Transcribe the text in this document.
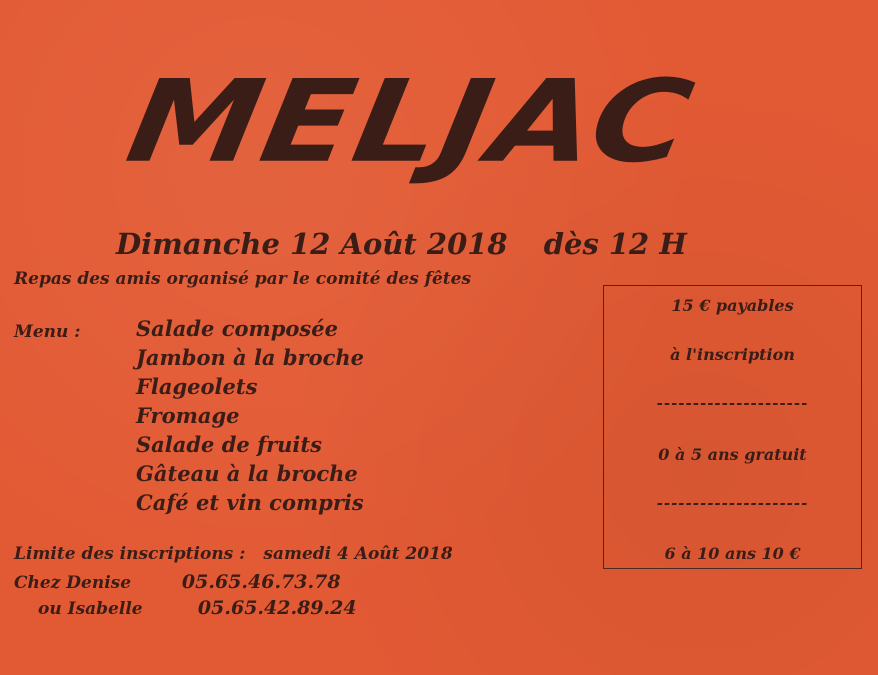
MELJAC
Dimanche 12 Août 2018 dès 12 H
Repas des amis organisé par le comité des fêtes
Menu :	Salade composée
Jambon à la broche
Flageolets
Fromage
Salade de fruits
Gâteau à la broche
Café et vin compris
Limite des inscriptions : samedi 4 Août 2018
Chez Denise	05.65.46.73.78
ou Isabelle	05.65.42.89.24
15 € payables
à l'inscription
---------------------
0 à 5 ans gratuit
---------------------
6 à 10 ans 10 €
